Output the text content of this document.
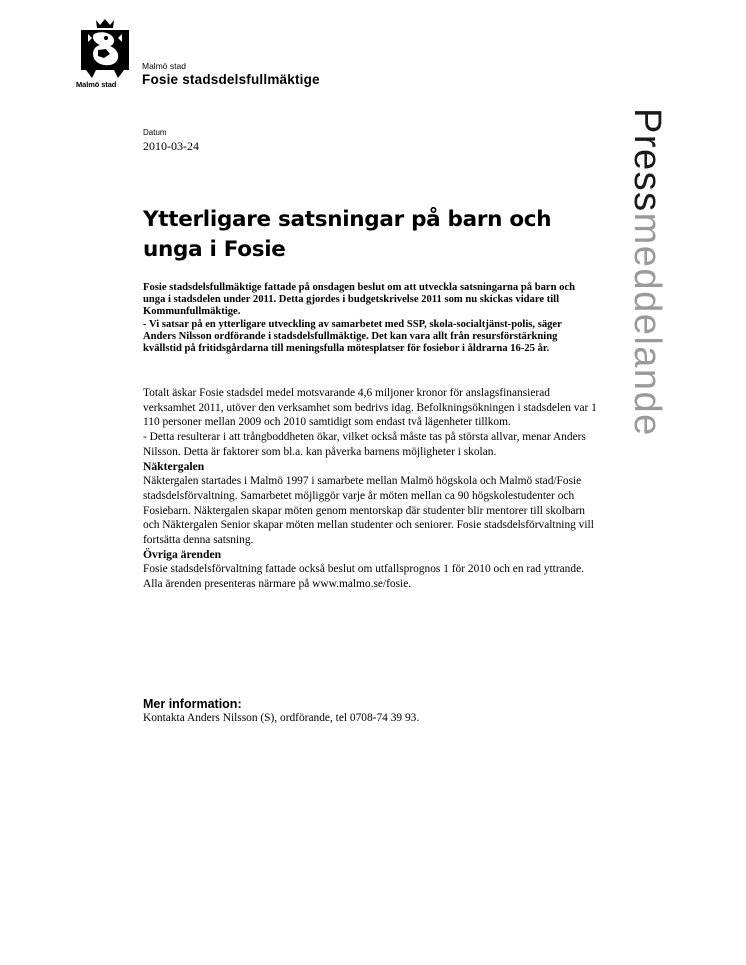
Malmö stad
Malmö stad
Fosie stadsdelsfullmäktige
Datum
2010-03-24	Pressmeddelande
Ytterligare satsningar på barn och unga i Fosie
Fosie stadsdelsfullmäktige fattade på onsdagen beslut om att utveckla satsningarna på barn och unga i stadsdelen under 2011. Detta gjordes i budgetskrivelse 2011 som nu skickas vidare till Kommunfullmäktige.
- Vi satsar på en ytterligare utveckling av samarbetet med SSP, skola-socialtjänst-polis, säger Anders Nilsson ordförande i stadsdelsfullmäktige. Det kan vara allt från resursförstärkning kvällstid på fritidsgårdarna till meningsfulla mötesplatser för fosiebor i åldrarna 16-25 år.

Totalt äskar Fosie stadsdel medel motsvarande 4,6 miljoner kronor för anslagsfinansierad verksamhet 2011, utöver den verksamhet som bedrivs idag. Befolkningsökningen i stadsdelen var 1 110 personer mellan 2009 och 2010 samtidigt som endast två lägenheter tillkom.

- Detta resulterar i att trångboddheten ökar, vilket också måste tas på största allvar, menar Anders Nilsson. Detta är faktorer som bl.a. kan påverka barnens möjligheter i skolan.

Näktergalen

Näktergalen startades i Malmö 1997 i samarbete mellan Malmö högskola och Malmö stad/Fosie stadsdelsförvaltning. Samarbetet möjliggör varje år möten mellan ca 90 högskolestudenter och Fosiebarn. Näktergalen skapar möten genom mentorskap där studenter blir mentorer till skolbarn och Näktergalen Senior skapar möten mellan studenter och seniorer. Fosie stadsdelsförvaltning vill fortsätta denna satsning.

Övriga ärenden

Fosie stadsdelsförvaltning fattade också beslut om utfallsprognos 1 för 2010 och en rad yttrande. Alla ärenden presenteras närmare på www.malmo.se/fosie.

Mer information:
Kontakta Anders Nilsson (S), ordförande, tel 0708-74 39 93.
